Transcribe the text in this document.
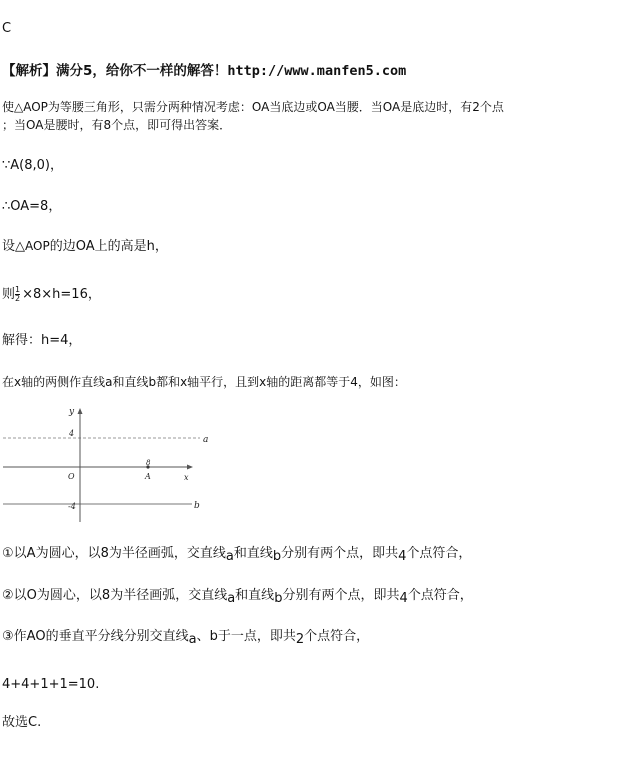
C
【解析】满分5，给你不一样的解答！http://www.manfen5.com
使△AOP为等腰三角形，只需分两种情况考虑：OA当底边或OA当腰．当OA是底边时，有2个点
；当OA是腰时，有8个点，即可得出答案．
∵A(8,0)，
∴OA=8，
设△AOP的边OA上的高是h，
则 $\frac{1}{2} \times 8\times h=16$，
解得：h=4，
在x轴的两侧作直线a和直线b都和x轴平行，且到x轴的距离都等于4，如图：
y
x
4
-4
O	A
8
a
b
①以A为圆心，以8为半径画弧，交直线a和直线b分别有两个点，即共4个点符合，
②以O为圆心，以8为半径画弧，交直线a和直线b分别有两个点，即共4个点符合，
③作AO的垂直平分线分别交直线a、b于一点，即共2个点符合，
4+4+1+1=10.
故选C.
